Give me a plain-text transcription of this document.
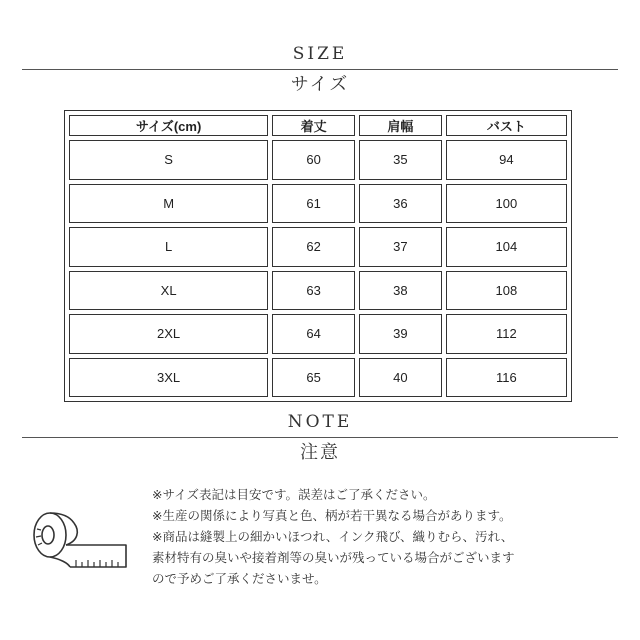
SIZE
サイズ
サイズ(cm)	着丈	肩幅	バスト
S	60	35	94
M	61	36	100
L	62	37	104
XL	63	38	108
2XL	64	39	112
3XL	65	40	116
NOTE
注意
※サイズ表記は目安です。誤差はご了承ください。
※生産の関係により写真と色、柄が若干異なる場合があります。
※商品は縫製上の細かいほつれ、インク飛び、織りむら、汚れ、
素材特有の臭いや接着剤等の臭いが残っている場合がございます
ので予めご了承くださいませ。
